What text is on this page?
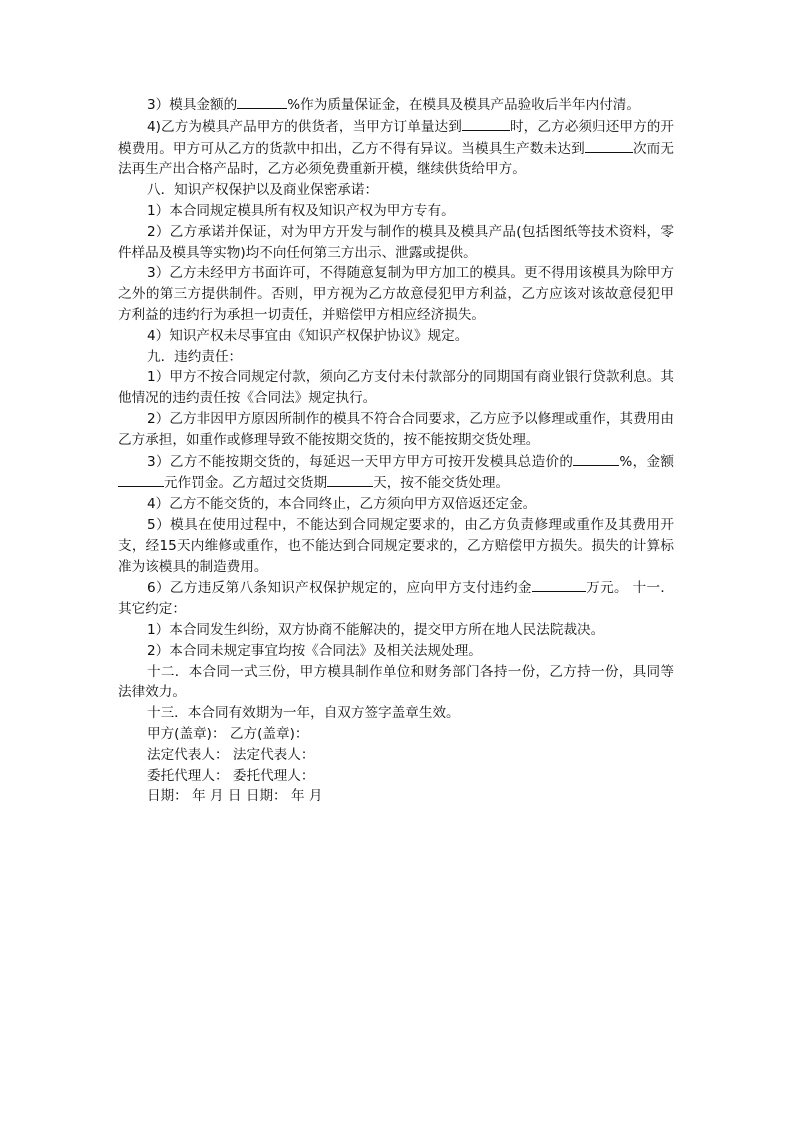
3）模具金额的	%作为质量保证金，在模具及模具产品验收后半年内付清。

4)乙方为模具产品甲方的供货者，当甲方订单量达到	时，乙方必须归还甲方的开模费用。甲方可从乙方的货款中扣出，乙方不得有异议。当模具生产数未达到	次而无法再生产出合格产品时，乙方必须免费重新开模，继续供货给甲方。

八．知识产权保护以及商业保密承诺：

1）本合同规定模具所有权及知识产权为甲方专有。

2）乙方承诺并保证，对为甲方开发与制作的模具及模具产品(包括图纸等技术资料，零件样品及模具等实物)均不向任何第三方出示、泄露或提供。

3）乙方未经甲方书面许可，不得随意复制为甲方加工的模具。更不得用该模具为除甲方之外的第三方提供制件。否则，甲方视为乙方故意侵犯甲方利益，乙方应该对该故意侵犯甲方利益的违约行为承担一切责任，并赔偿甲方相应经济损失。

4）知识产权未尽事宜由《知识产权保护协议》规定。

九．违约责任：

1）甲方不按合同规定付款，须向乙方支付未付款部分的同期国有商业银行贷款利息。其他情况的违约责任按《合同法》规定执行。

2）乙方非因甲方原因所制作的模具不符合合同要求，乙方应予以修理或重作，其费用由乙方承担，如重作或修理导致不能按期交货的，按不能按期交货处理。

3）乙方不能按期交货的，每延迟一天甲方甲方可按开发模具总造价的	%，金额元作罚金。乙方超过交货期	天，按不能交货处理。

4）乙方不能交货的，本合同终止，乙方须向甲方双倍返还定金。

5）模具在使用过程中，不能达到合同规定要求的，由乙方负责修理或重作及其费用开支，经15天内维修或重作，也不能达到合同规定要求的，乙方赔偿甲方损失。损失的计算标准为该模具的制造费用。

6）乙方违反第八条知识产权保护规定的，应向甲方支付违约金	万元。 十一．其它约定：

1）本合同发生纠纷，双方协商不能解决的，提交甲方所在地人民法院裁决。

2）本合同未规定事宜均按《合同法》及相关法规处理。

十二．本合同一式三份，甲方模具制作单位和财务部门各持一份，乙方持一份，具同等法律效力。

十三．本合同有效期为一年，自双方签字盖章生效。

甲方(盖章)： 乙方(盖章)：

法定代表人： 法定代表人：

委托代理人： 委托代理人：

日期： 年 月 日 日期： 年 月
